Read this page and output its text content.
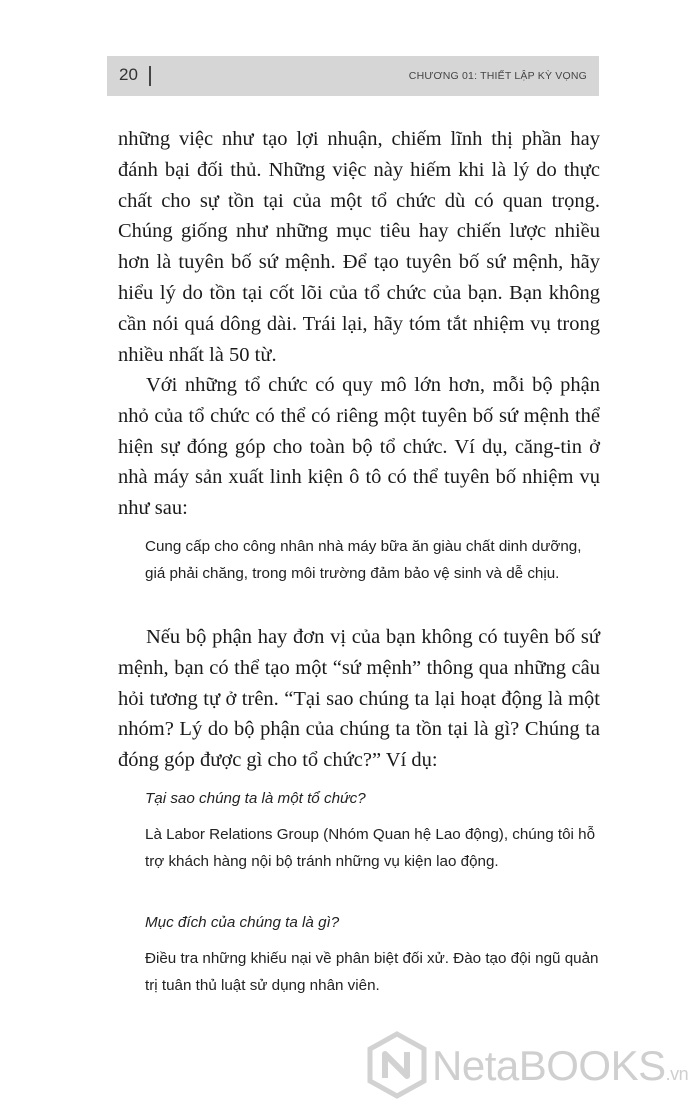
20	CHƯƠNG 01: THIẾT LẬP KỲ VỌNG

những việc như tạo lợi nhuận, chiếm lĩnh thị phần hay đánh bại đối thủ. Những việc này hiếm khi là lý do thực chất cho sự tồn tại của một tổ chức dù có quan trọng. Chúng giống như những mục tiêu hay chiến lược nhiều hơn là tuyên bố sứ mệnh. Để tạo tuyên bố sứ mệnh, hãy hiểu lý do tồn tại cốt lõi của tổ chức của bạn. Bạn không cần nói quá dông dài. Trái lại, hãy tóm tắt nhiệm vụ trong nhiều nhất là 50 từ.

Với những tổ chức có quy mô lớn hơn, mỗi bộ phận nhỏ của tổ chức có thể có riêng một tuyên bố sứ mệnh thể hiện sự đóng góp cho toàn bộ tổ chức. Ví dụ, căng-tin ở nhà máy sản xuất linh kiện ô tô có thể tuyên bố nhiệm vụ như sau:

Cung cấp cho công nhân nhà máy bữa ăn giàu chất dinh dưỡng, giá phải chăng, trong môi trường đảm bảo vệ sinh và dễ chịu.

Nếu bộ phận hay đơn vị của bạn không có tuyên bố sứ mệnh, bạn có thể tạo một “sứ mệnh” thông qua những câu hỏi tương tự ở trên. “Tại sao chúng ta lại hoạt động là một nhóm? Lý do bộ phận của chúng ta tồn tại là gì? Chúng ta đóng góp được gì cho tổ chức?” Ví dụ:

Tại sao chúng ta là một tổ chức?

Là Labor Relations Group (Nhóm Quan hệ Lao động), chúng tôi hỗ trợ khách hàng nội bộ tránh những vụ kiện lao động.

Mục đích của chúng ta là gì?

Điều tra những khiếu nại về phân biệt đối xử. Đào tạo đội ngũ quản trị tuân thủ luật sử dụng nhân viên.

NetaBOOKS.vn
